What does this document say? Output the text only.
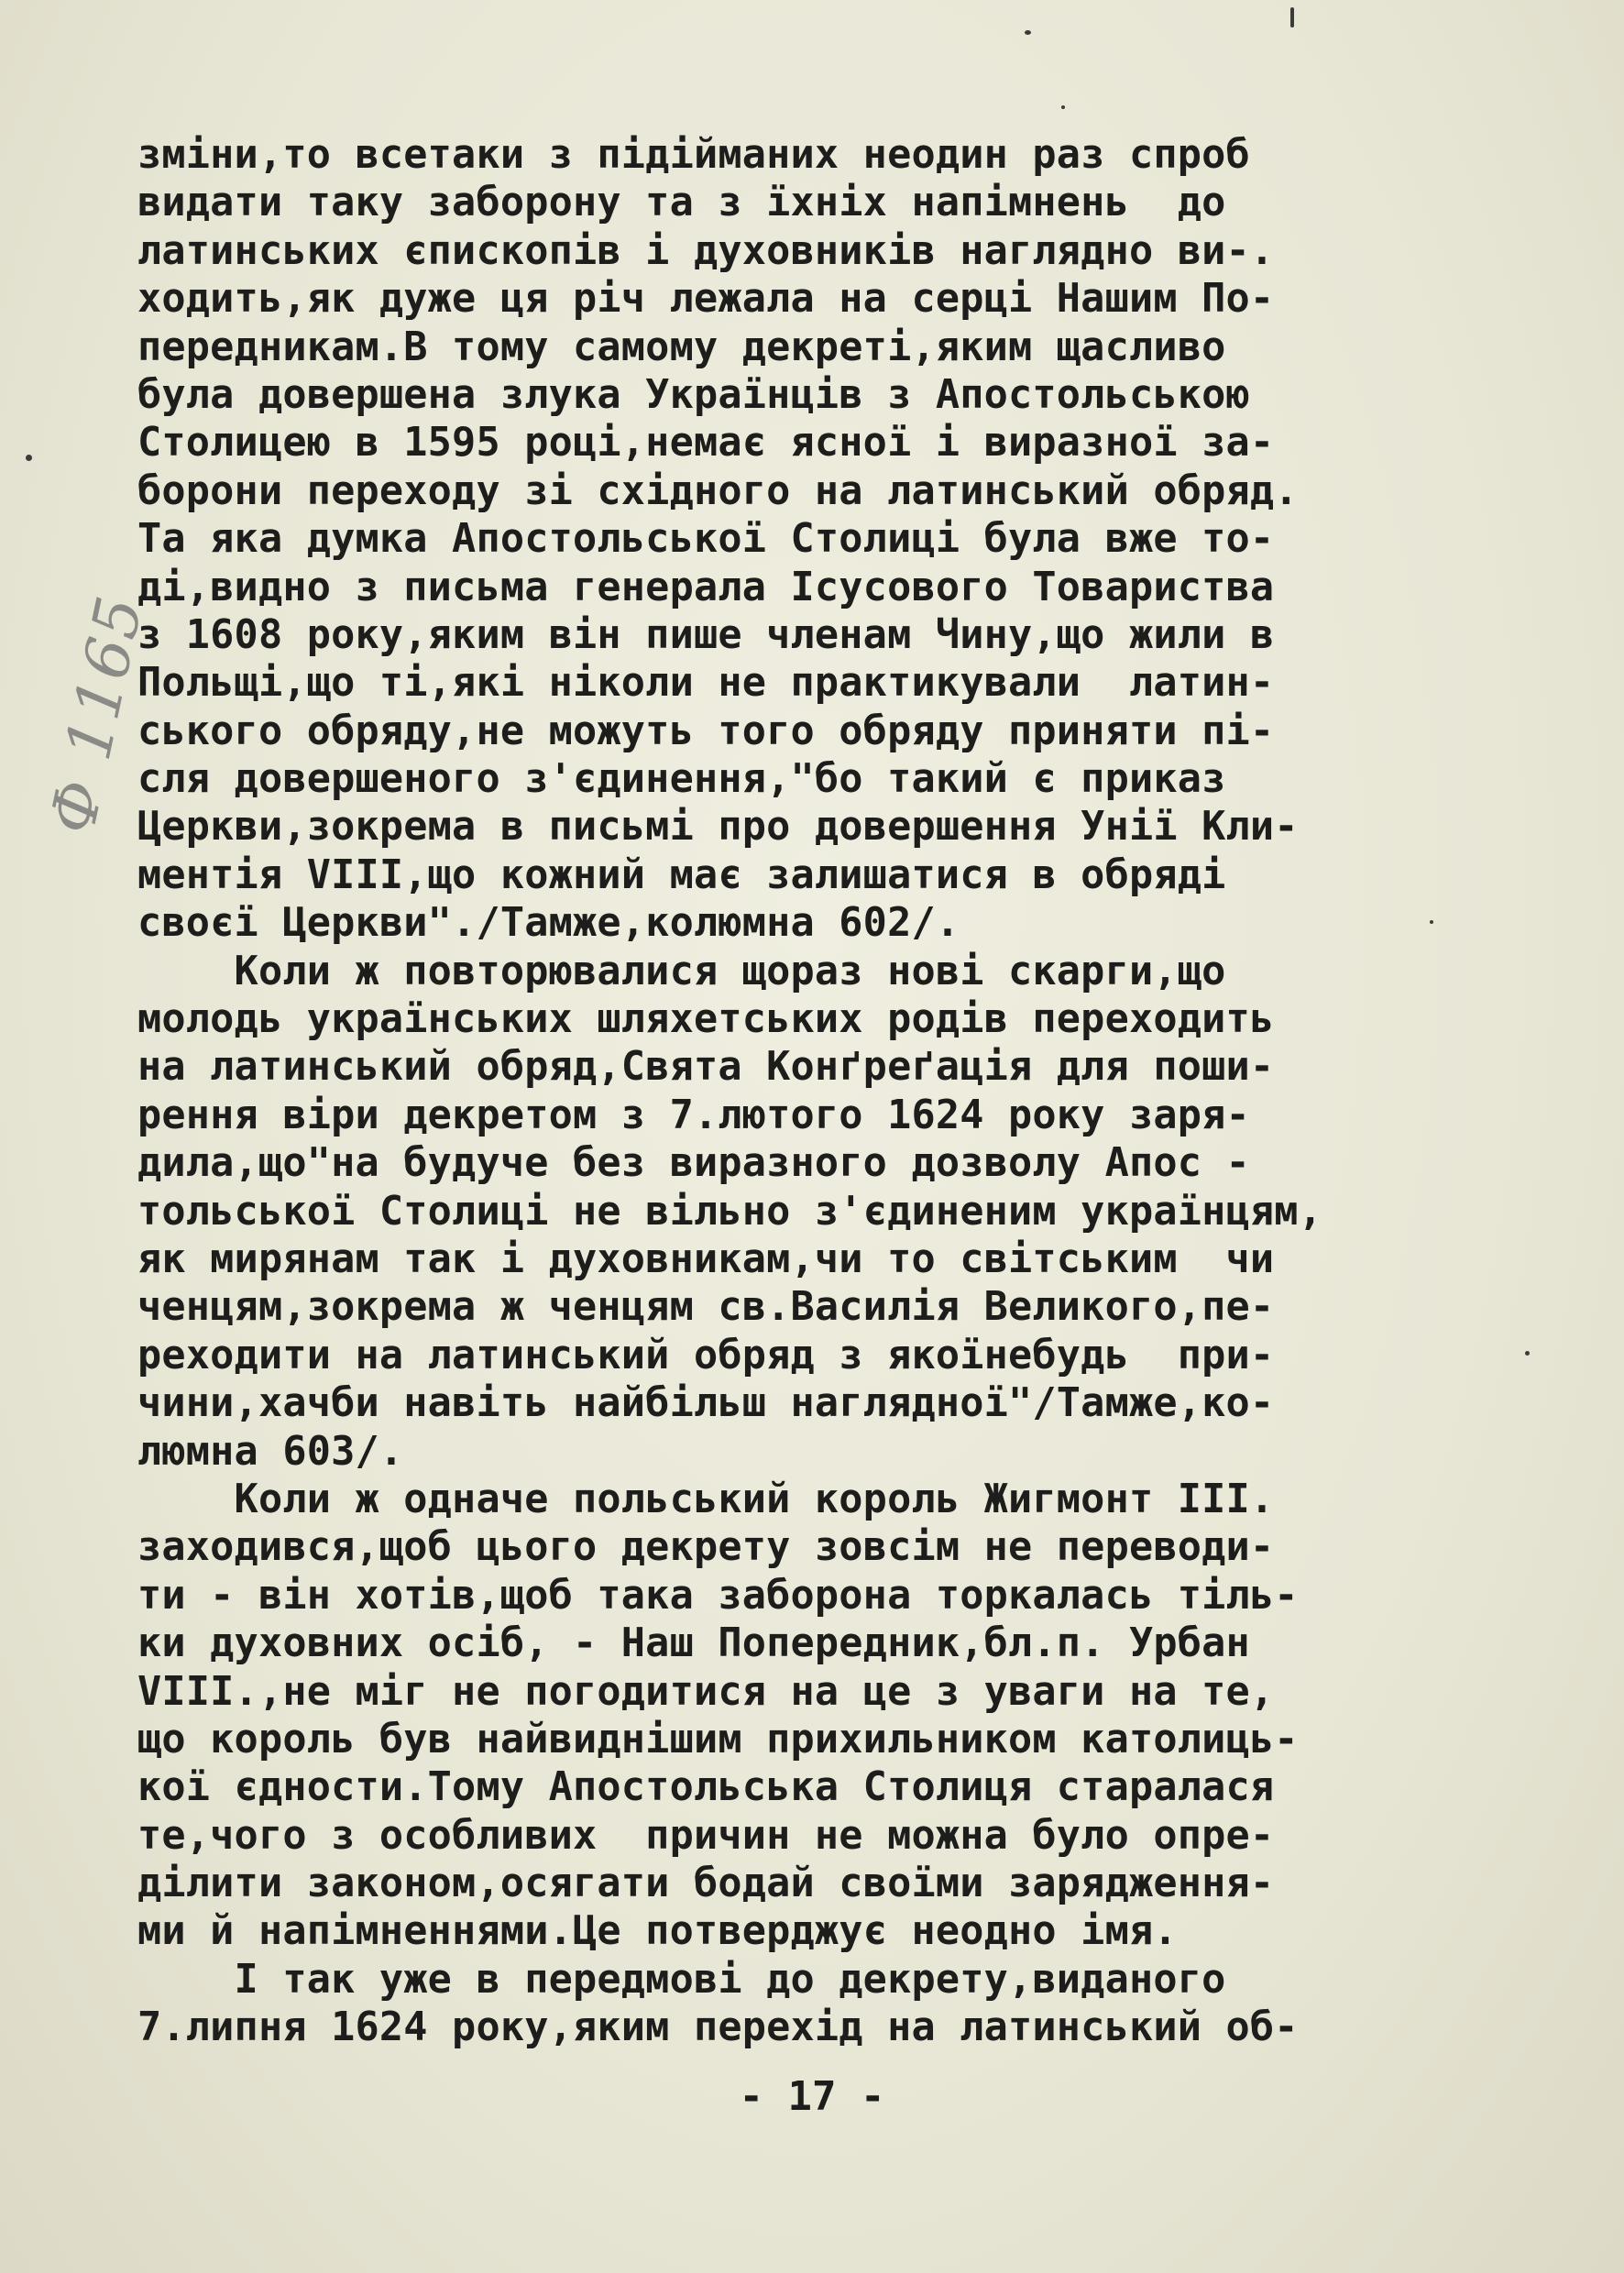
Ф 1165
зміни,то всетаки з підійманих неодин раз спроб
видати таку заборону та з їхніх напімнень  до
латинських єпископів і духовників наглядно ви-.
ходить,як дуже ця річ лежала на серці Нашим По-
передникам.В тому самому декреті,яким щасливо
була довершена злука Українців з Апостольською
Столицею в 1595 році,немає ясної і виразної за-
борони переходу зі східного на латинський обряд.
Та яка думка Апостольської Столиці була вже то-
ді,видно з письма генерала Ісусового Товариства
з 1608 року,яким він пише членам Чину,що жили в
Польщі,що ті,які ніколи не практикували  латин-
ського обряду,не можуть того обряду приняти пі-
сля довершеного з'єдинення,"бо такий є приказ
Церкви,зокрема в письмі про довершення Унії Кли-
ментія VIII,що кожний має залишатися в обряді
своєї Церкви"./Тамже,колюмна 602/.
Коли ж повторювалися щораз нові скарги,що
молодь українських шляхетських родів переходить
на латинський обряд,Свята Конґреґація для поши-
рення віри декретом з 7.лютого 1624 року заря-
дила,що"на будуче без виразного дозволу Апос -
тольської Столиці не вільно з'єдиненим українцям,
як мирянам так і духовникам,чи то світським  чи
ченцям,зокрема ж ченцям св.Василія Великого,пе-
реходити на латинський обряд з якоїнебудь  при-
чини,хачби навіть найбільш наглядної"/Тамже,ко-
люмна 603/.
Коли ж одначе польський король Жигмонт III.
заходився,щоб цього декрету зовсім не переводи-
ти - він хотів,щоб така заборона торкалась тіль-
ки духовних осіб, - Наш Попередник,бл.п. Урбан
VIII.,не міг не погодитися на це з уваги на те,
що король був найвиднішим прихильником католиць-
кої єдности.Тому Апостольська Столиця старалася
те,чого з особливих  причин не можна було опре-
ділити законом,осягати бодай своїми зарядження-
ми й напімненнями.Це потверджує неодно імя.
І так уже в передмові до декрету,виданого
7.липня 1624 року,яким перехід на латинський об-
- 17 -
